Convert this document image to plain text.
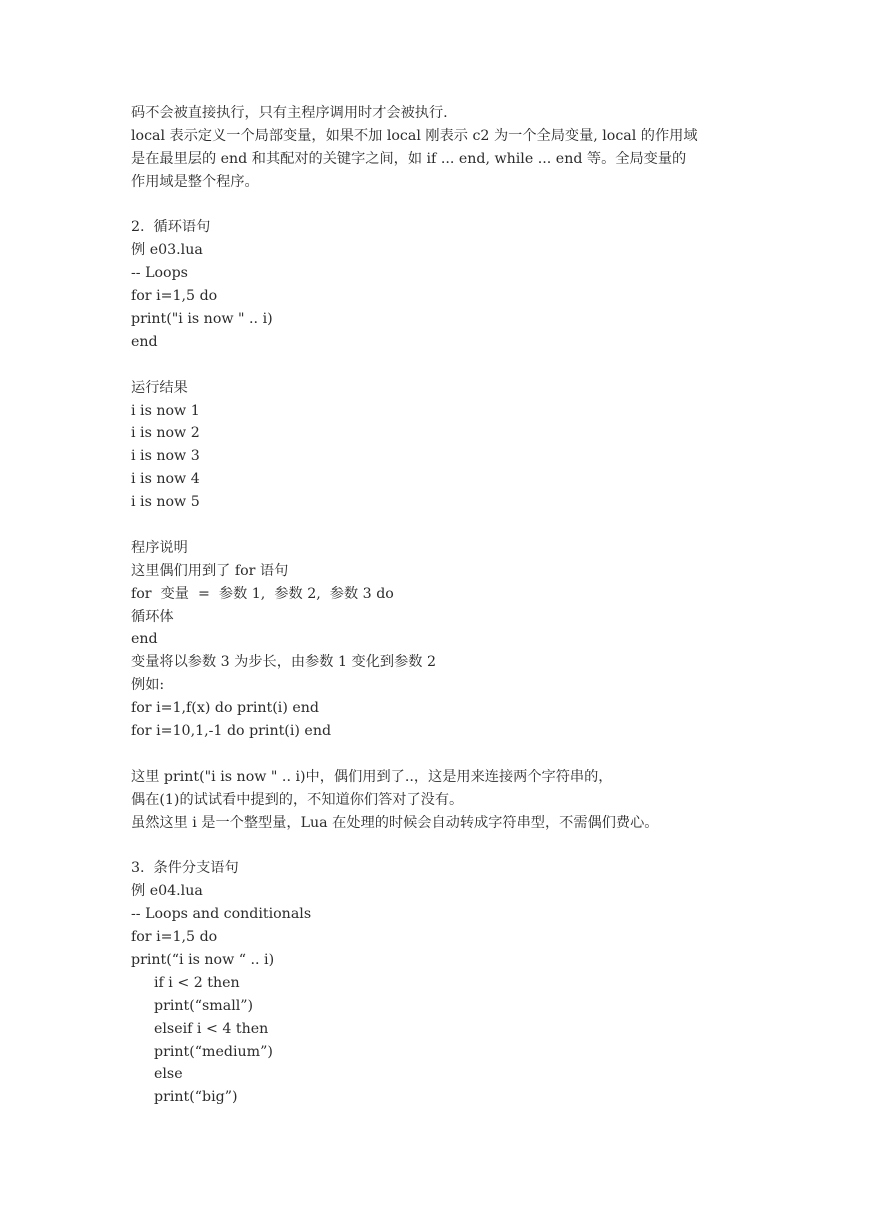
码不会被直接执行，只有主程序调用时才会被执行.
local 表示定义一个局部变量，如果不加 local 刚表示 c2 为一个全局变量, local 的作用域
是在最里层的 end 和其配对的关键字之间，如 if ... end, while ... end 等。全局变量的
作用域是整个程序。
2.  循环语句
例 e03.lua
-- Loops
for i=1,5 do
print("i is now " .. i)
end
运行结果
i is now 1
i is now 2
i is now 3
i is now 4
i is now 5
程序说明
这里偶们用到了 for 语句
for  变量  =  参数 1,  参数 2,  参数 3 do
循环体
end
变量将以参数 3 为步长，由参数 1 变化到参数 2
例如:
for i=1,f(x) do print(i) end
for i=10,1,-1 do print(i) end
这里 print("i is now " .. i)中，偶们用到了..，这是用来连接两个字符串的，
偶在(1)的试试看中提到的，不知道你们答对了没有。
虽然这里 i 是一个整型量，Lua 在处理的时候会自动转成字符串型，不需偶们费心。
3.  条件分支语句
例 e04.lua
-- Loops and conditionals
for i=1,5 do
print(“i is now “ .. i)
if i < 2 then
print(“small”)
elseif i < 4 then
print(“medium”)
else
print(“big”)
